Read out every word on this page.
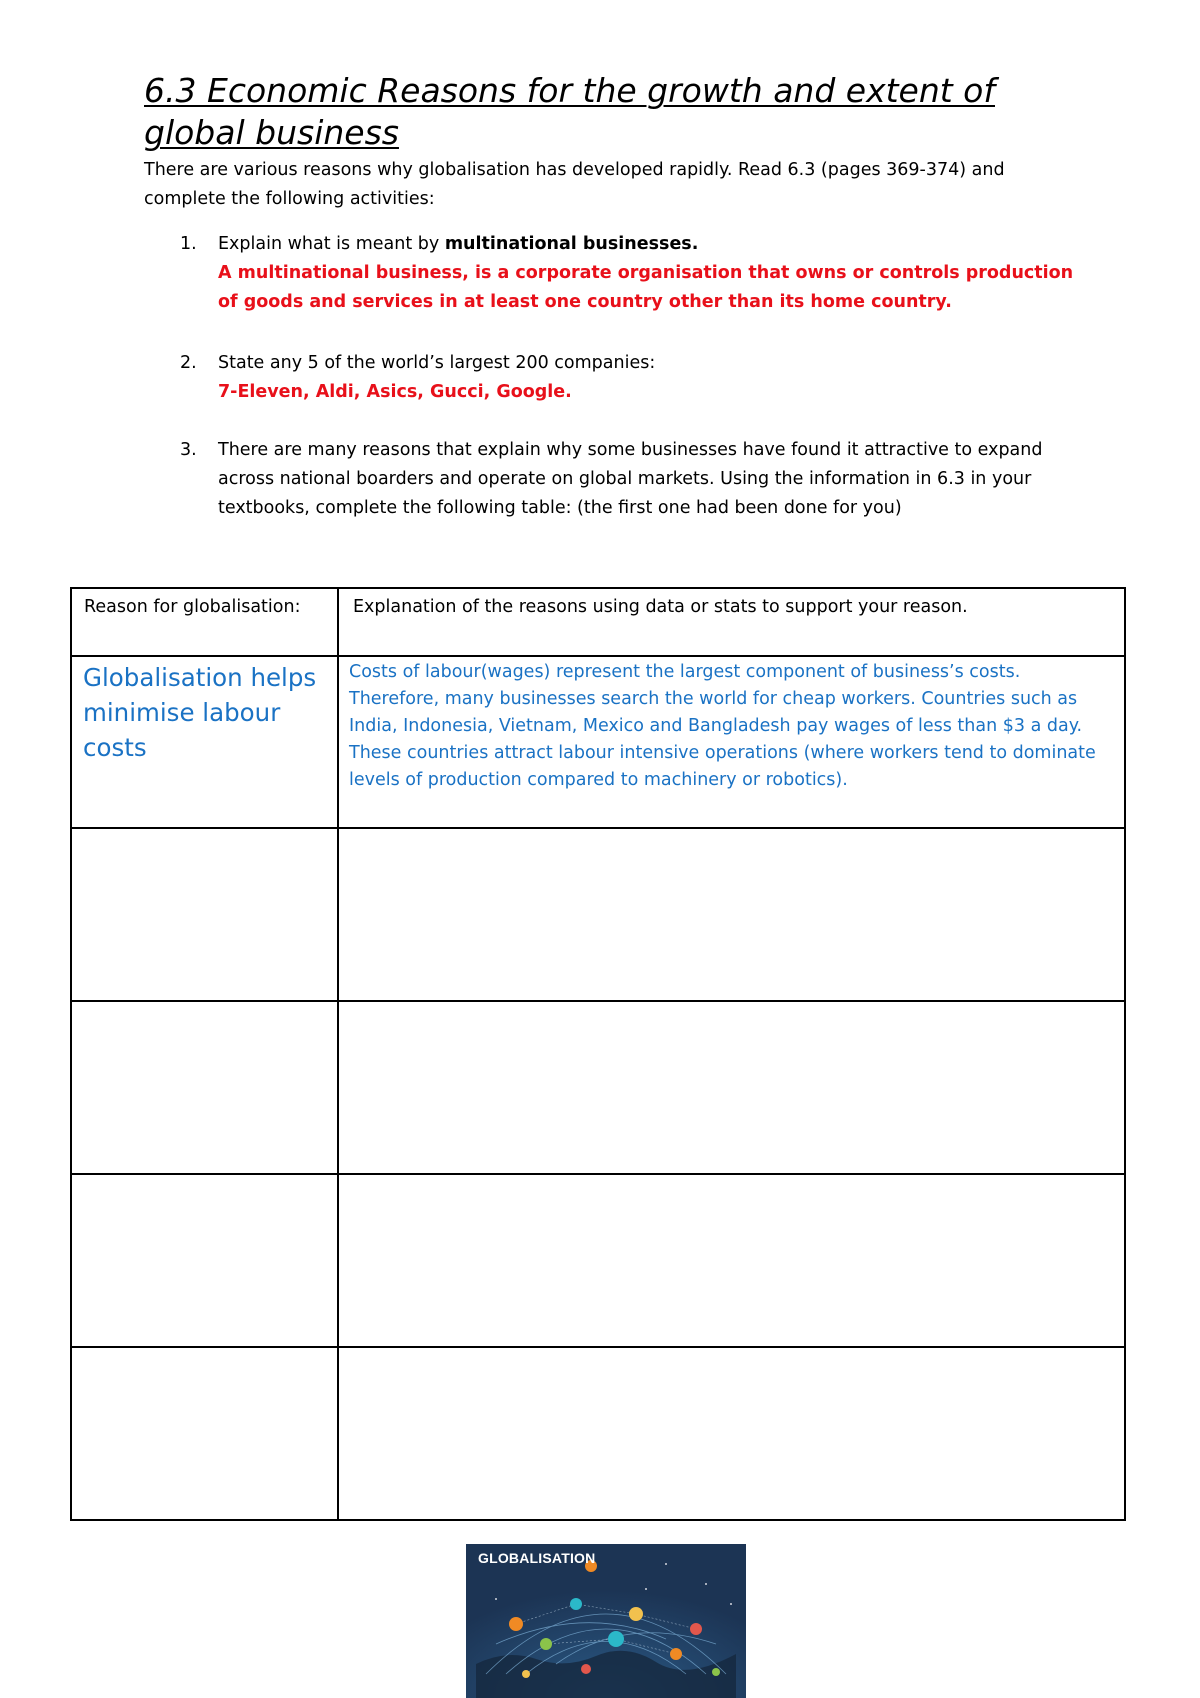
6.3 Economic Reasons for the growth and extent of global business

There are various reasons why globalisation has developed rapidly. Read 6.3 (pages 369-374) and complete the following activities:

1.	Explain what is meant by multinational businesses.
A multinational business, is a corporate organisation that owns or controls production of goods and services in at least one country other than its home country.
2.	State any 5 of the world’s largest 200 companies:
7-Eleven, Aldi, Asics, Gucci, Google.
3.	There are many reasons that explain why some businesses have found it attractive to expand across national boarders and operate on global markets. Using the information in 6.3 in your textbooks, complete the following table: (the first one had been done for you)
Reason for globalisation:	Explanation of the reasons using data or stats to support your reason.

Globalisation helps minimise labour costs	Costs of labour(wages) represent the largest component of business’s costs. Therefore, many businesses search the world for cheap workers. Countries such as India, Indonesia, Vietnam, Mexico and Bangladesh pay wages of less than $3 a day. These countries attract labour intensive operations (where workers tend to dominate levels of production compared to machinery or robotics).

GLOBALISATION
